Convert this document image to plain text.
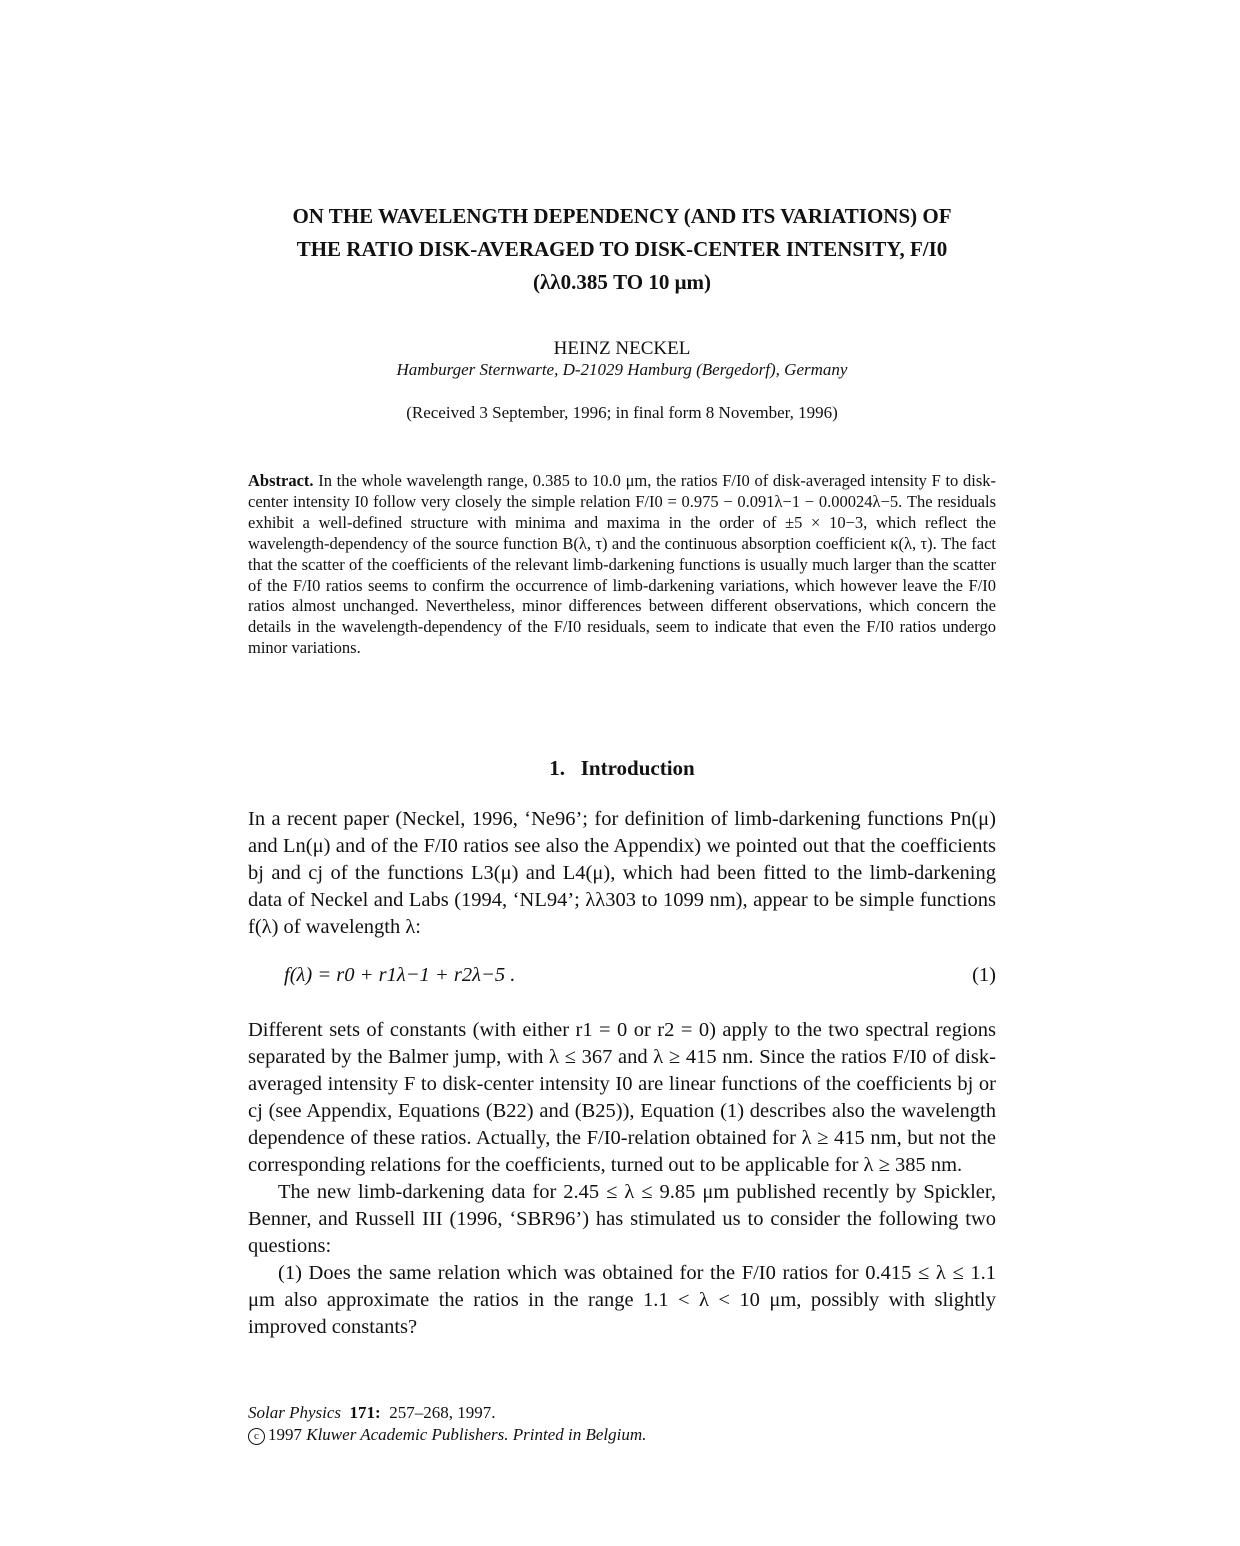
ON THE WAVELENGTH DEPENDENCY (AND ITS VARIATIONS) OF
THE RATIO DISK-AVERAGED TO DISK-CENTER INTENSITY, F/I0
(λλ0.385 TO 10 μm)
HEINZ NECKEL
Hamburger Sternwarte, D-21029 Hamburg (Bergedorf), Germany
(Received 3 September, 1996; in final form 8 November, 1996)
Abstract. In the whole wavelength range, 0.385 to 10.0 μm, the ratios F/I0 of disk-averaged intensity F to disk-center intensity I0 follow very closely the simple relation F/I0 = 0.975 − 0.091λ−1 − 0.00024λ−5. The residuals exhibit a well-defined structure with minima and maxima in the order of ±5 × 10−3, which reflect the wavelength-dependency of the source function B(λ, τ) and the continuous absorption coefficient κ(λ, τ). The fact that the scatter of the coefficients of the relevant limb-darkening functions is usually much larger than the scatter of the F/I0 ratios seems to confirm the occurrence of limb-darkening variations, which however leave the F/I0 ratios almost unchanged. Nevertheless, minor differences between different observations, which concern the details in the wavelength-dependency of the F/I0 residuals, seem to indicate that even the F/I0 ratios undergo minor variations.
1. Introduction
In a recent paper (Neckel, 1996, ‘Ne96’; for definition of limb-darkening functions Pn(μ) and Ln(μ) and of the F/I0 ratios see also the Appendix) we pointed out that the coefficients bj and cj of the functions L3(μ) and L4(μ), which had been fitted to the limb-darkening data of Neckel and Labs (1994, ‘NL94’; λλ303 to 1099 nm), appear to be simple functions f(λ) of wavelength λ:
f(λ) = r0 + r1λ−1 + r2λ−5 .	(1)
Different sets of constants (with either r1 = 0 or r2 = 0) apply to the two spectral regions separated by the Balmer jump, with λ ≤ 367 and λ ≥ 415 nm. Since the ratios F/I0 of disk-averaged intensity F to disk-center intensity I0 are linear functions of the coefficients bj or cj (see Appendix, Equations (B22) and (B25)), Equation (1) describes also the wavelength dependence of these ratios. Actually, the F/I0-relation obtained for λ ≥ 415 nm, but not the corresponding relations for the coefficients, turned out to be applicable for λ ≥ 385 nm.
The new limb-darkening data for 2.45 ≤ λ ≤ 9.85 μm published recently by Spickler, Benner, and Russell III (1996, ‘SBR96’) has stimulated us to consider the following two questions:
(1) Does the same relation which was obtained for the F/I0 ratios for 0.415 ≤ λ ≤ 1.1 μm also approximate the ratios in the range 1.1 < λ < 10 μm, possibly with slightly improved constants?
Solar Physics 171: 257–268, 1997.
c 1997 Kluwer Academic Publishers. Printed in Belgium.
